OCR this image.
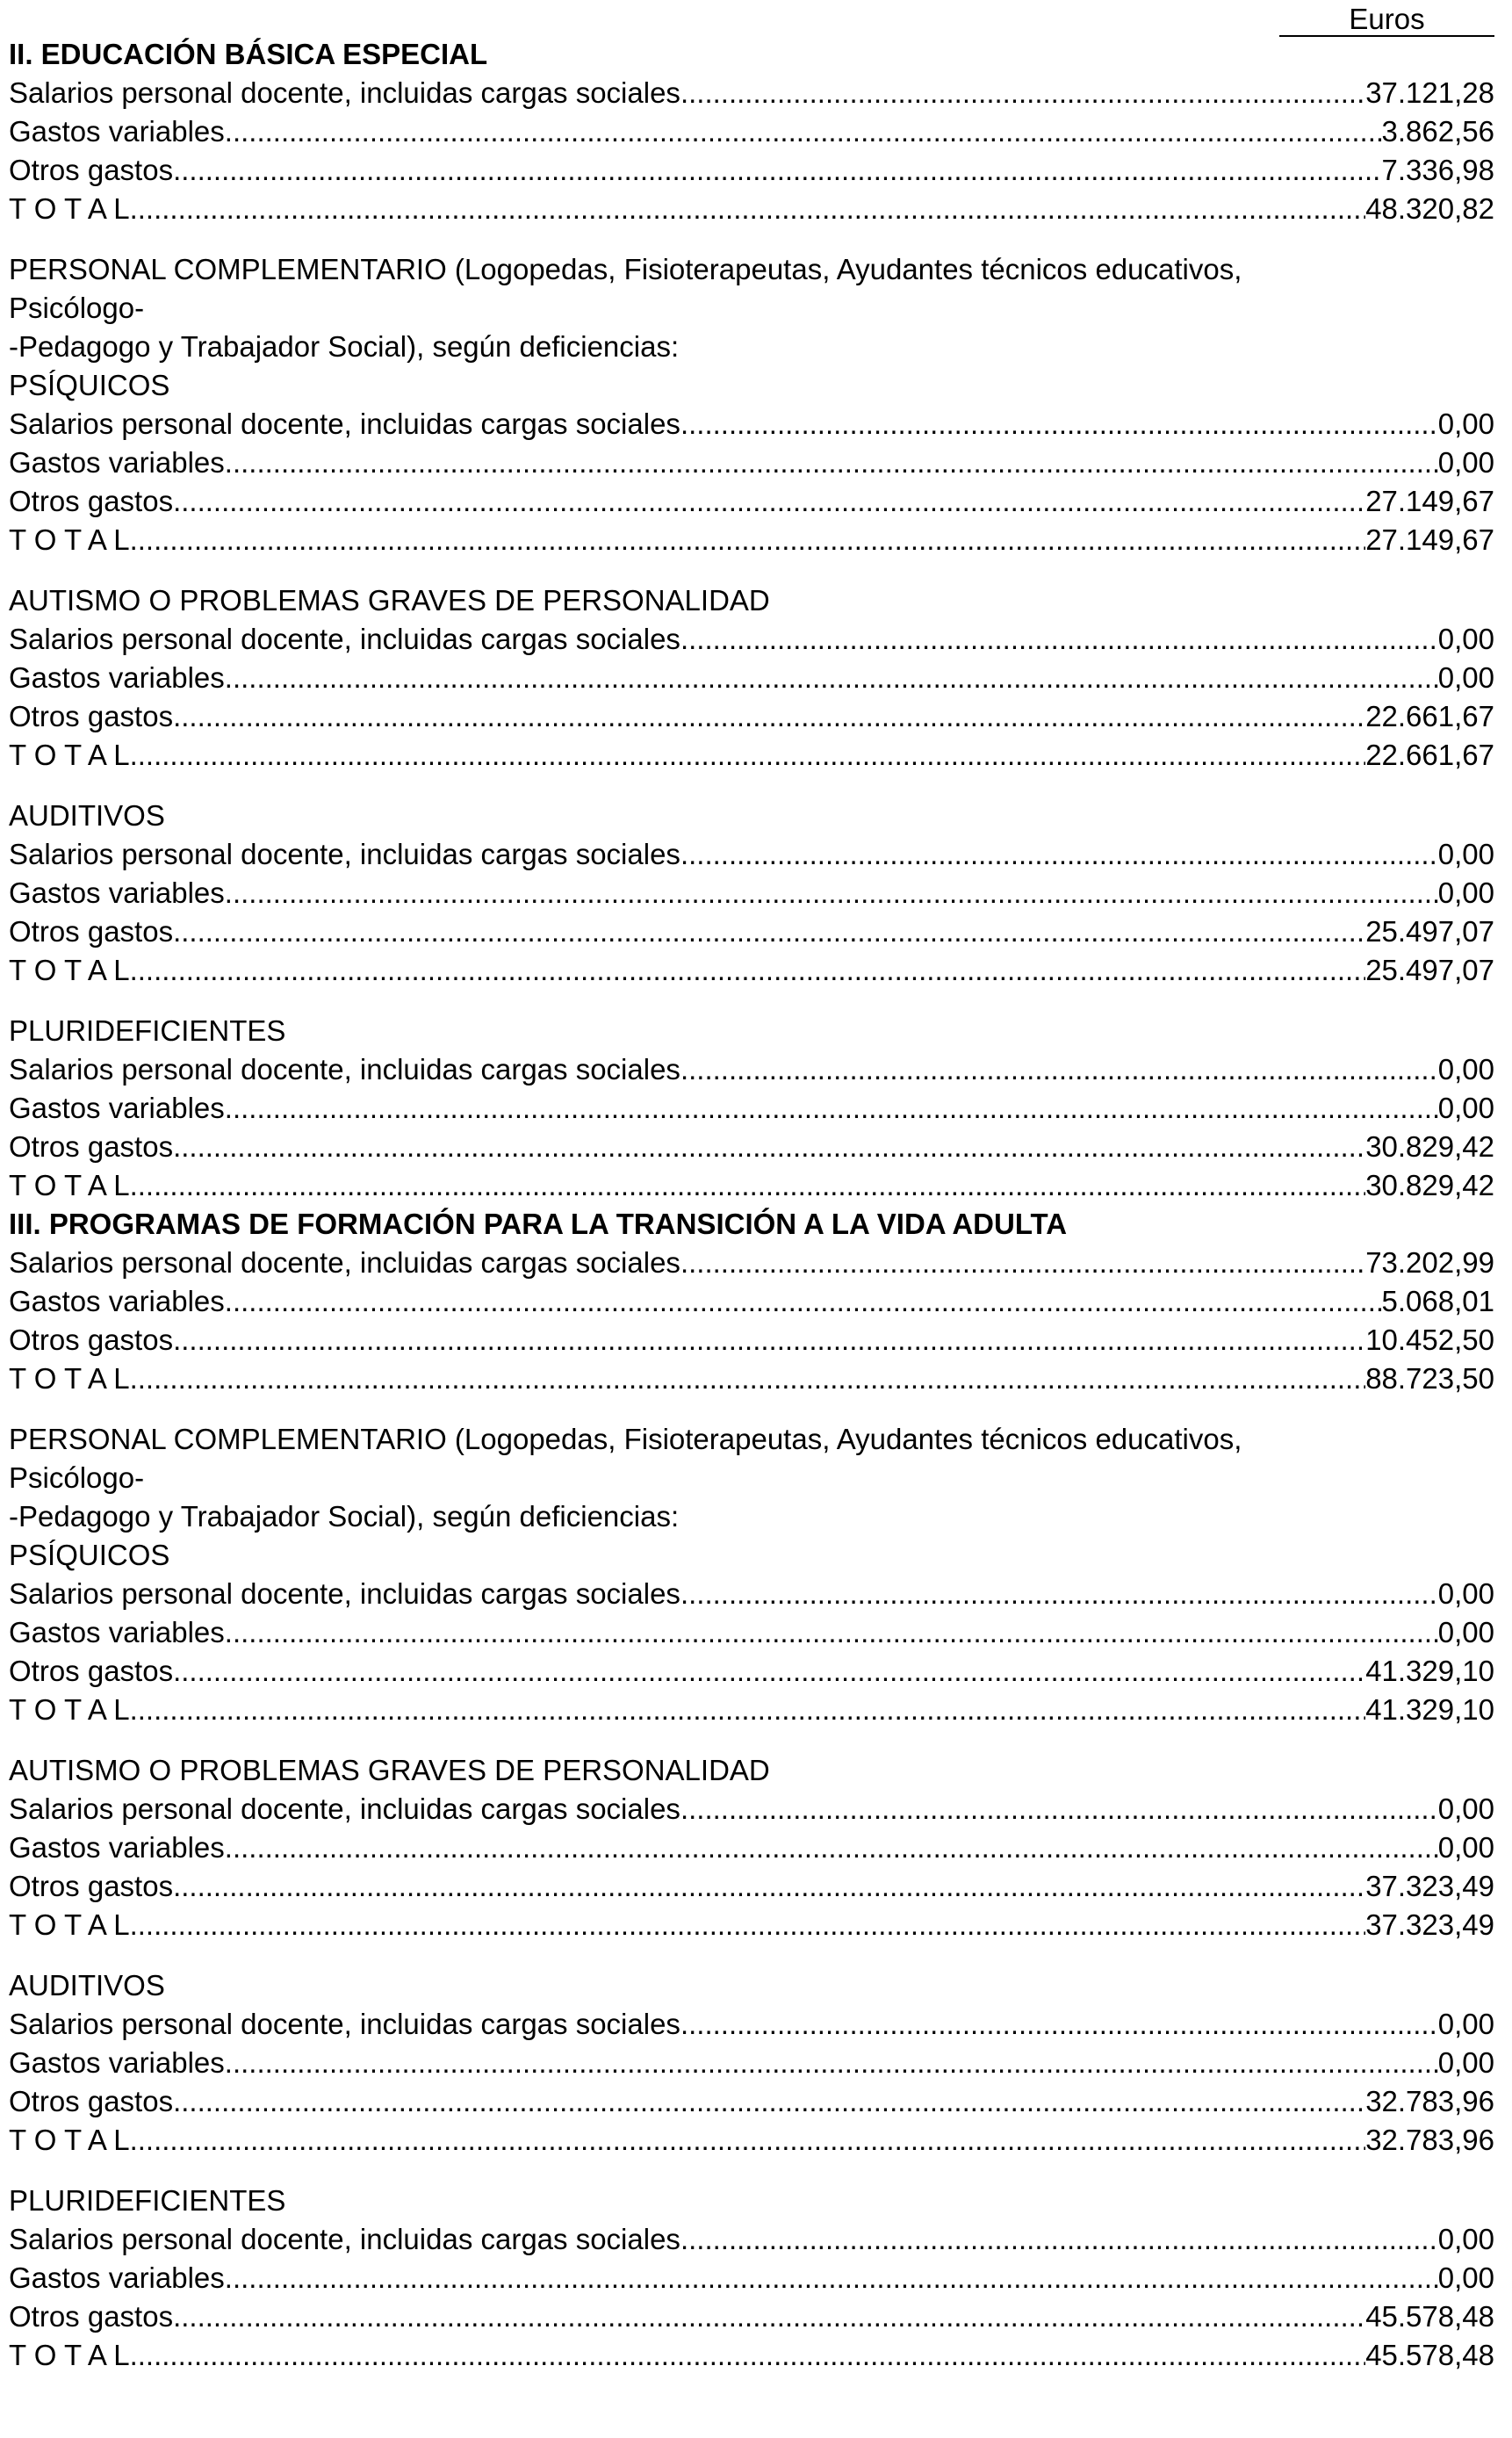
Euros
II. EDUCACIÓN BÁSICA ESPECIAL
Salarios personal docente, incluidas cargas sociales .....	37.121,28
Gastos variables .....	3.862,56
Otros gastos .....	7.336,98
T O T A L .....	48.320,82
PERSONAL COMPLEMENTARIO (Logopedas, Fisioterapeutas, Ayudantes técnicos educativos,
Psicólogo-
-Pedagogo y Trabajador Social), según deficiencias:
PSÍQUICOS
Salarios personal docente, incluidas cargas sociales .....	0,00
Gastos variables .....	0,00
Otros gastos .....	27.149,67
T O T A L .....	27.149,67
AUTISMO O PROBLEMAS GRAVES DE PERSONALIDAD
Salarios personal docente, incluidas cargas sociales .....	0,00
Gastos variables .....	0,00
Otros gastos .....	22.661,67
T O T A L .....	22.661,67
AUDITIVOS
Salarios personal docente, incluidas cargas sociales .....	0,00
Gastos variables .....	0,00
Otros gastos .....	25.497,07
T O T A L .....	25.497,07
PLURIDEFICIENTES
Salarios personal docente, incluidas cargas sociales .....	0,00
Gastos variables .....	0,00
Otros gastos .....	30.829,42
T O T A L .....	30.829,42
III. PROGRAMAS DE FORMACIÓN PARA LA TRANSICIÓN A LA VIDA ADULTA
Salarios personal docente, incluidas cargas sociales .....	73.202,99
Gastos variables .....	5.068,01
Otros gastos .....	10.452,50
T O T A L .....	88.723,50
PERSONAL COMPLEMENTARIO (Logopedas, Fisioterapeutas, Ayudantes técnicos educativos,
Psicólogo-
-Pedagogo y Trabajador Social), según deficiencias:
PSÍQUICOS
Salarios personal docente, incluidas cargas sociales .....	0,00
Gastos variables .....	0,00
Otros gastos .....	41.329,10
T O T A L .....	41.329,10
AUTISMO O PROBLEMAS GRAVES DE PERSONALIDAD
Salarios personal docente, incluidas cargas sociales .....	0,00
Gastos variables .....	0,00
Otros gastos .....	37.323,49
T O T A L .....	37.323,49
AUDITIVOS
Salarios personal docente, incluidas cargas sociales .....	0,00
Gastos variables .....	0,00
Otros gastos .....	32.783,96
T O T A L .....	32.783,96
PLURIDEFICIENTES
Salarios personal docente, incluidas cargas sociales .....	0,00
Gastos variables .....	0,00
Otros gastos .....	45.578,48
T O T A L .....	45.578,48
